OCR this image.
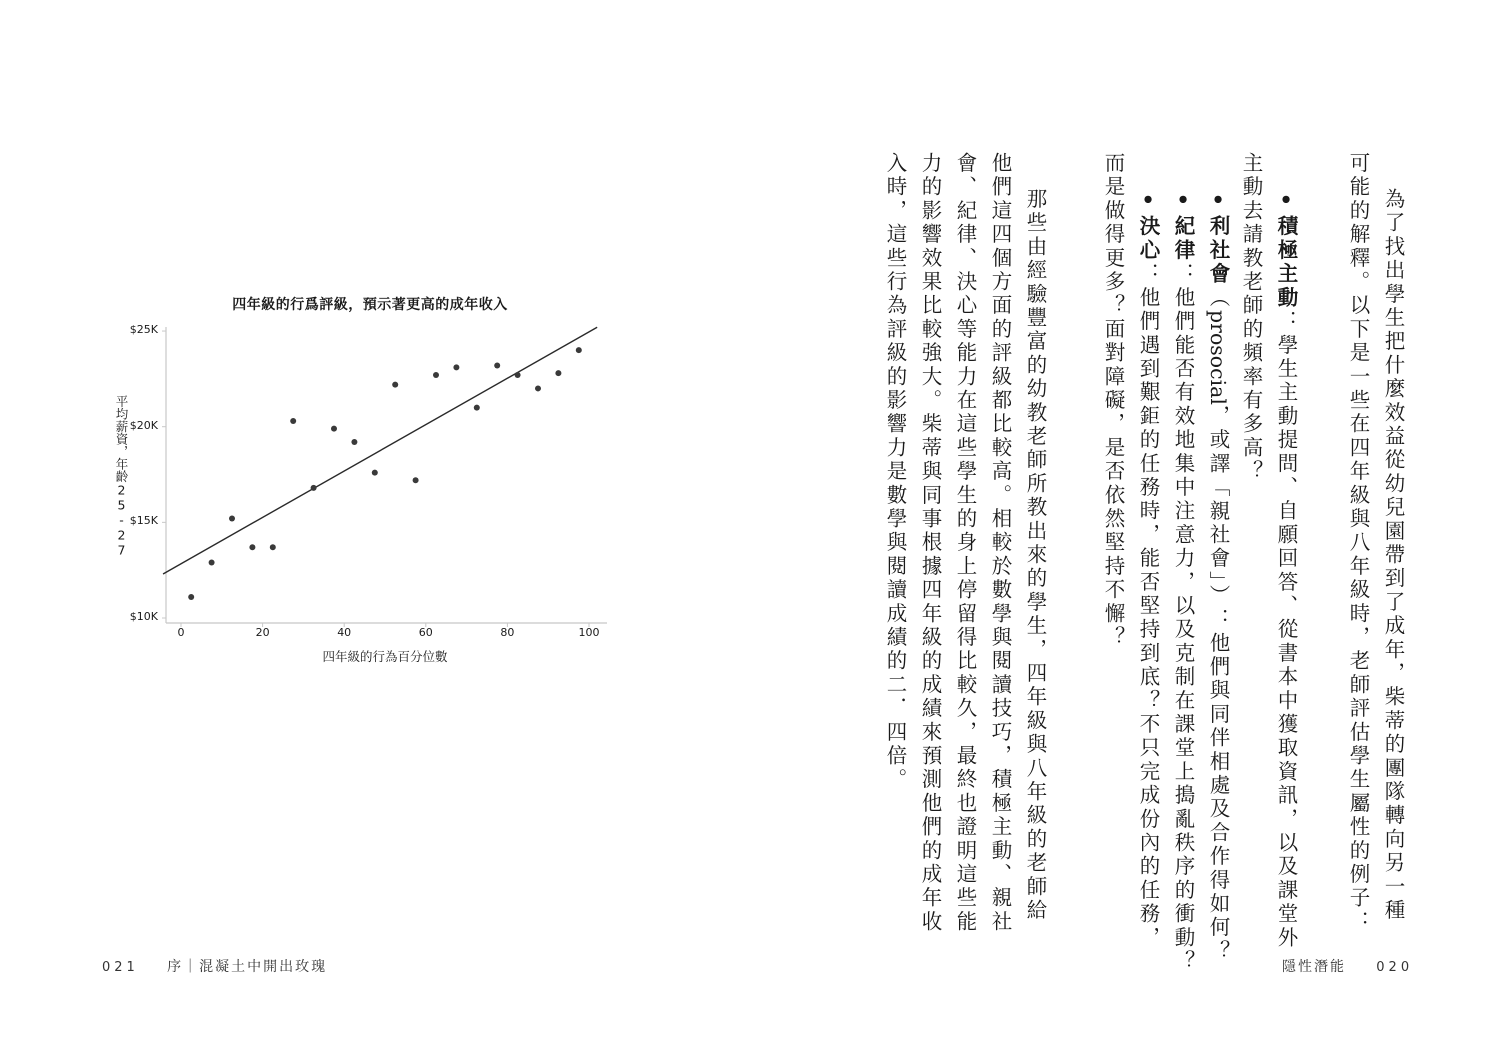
四年級的行爲評級，預示著更高的成年收入
平均薪資，年齡25-27
四年級的行為百分位數
$10K
$15K
$20K
$25K
0	20	40	60	80	100
021 序｜混凝土中開出玫瑰
為了找出學生把什麼效益從幼兒園帶到了成年，柴蒂的團隊轉向另一種
可能的解釋。以下是一些在四年級與八年級時，老師評估學生屬性的例子：
•積極主動：學生主動提問、自願回答、從書本中獲取資訊，以及課堂外
主動去請教老師的頻率有多高？
•利社會（prosocial，或譯「親社會」）：他們與同伴相處及合作得如何？
•紀律：他們能否有效地集中注意力，以及克制在課堂上搗亂秩序的衝動？
•決心：他們遇到艱鉅的任務時，能否堅持到底？不只完成份內的任務，
而是做得更多？面對障礙，是否依然堅持不懈？
那些由經驗豐富的幼教老師所教出來的學生，四年級與八年級的老師給
他們這四個方面的評級都比較高。相較於數學與閱讀技巧，積極主動、親社
會、紀律、決心等能力在這些學生的身上停留得比較久，最終也證明這些能
力的影響效果比較強大。柴蒂與同事根據四年級的成績來預測他們的成年收
入時，這些行為評級的影響力是數學與閱讀成績的二．四倍。
隱性潛能 020
